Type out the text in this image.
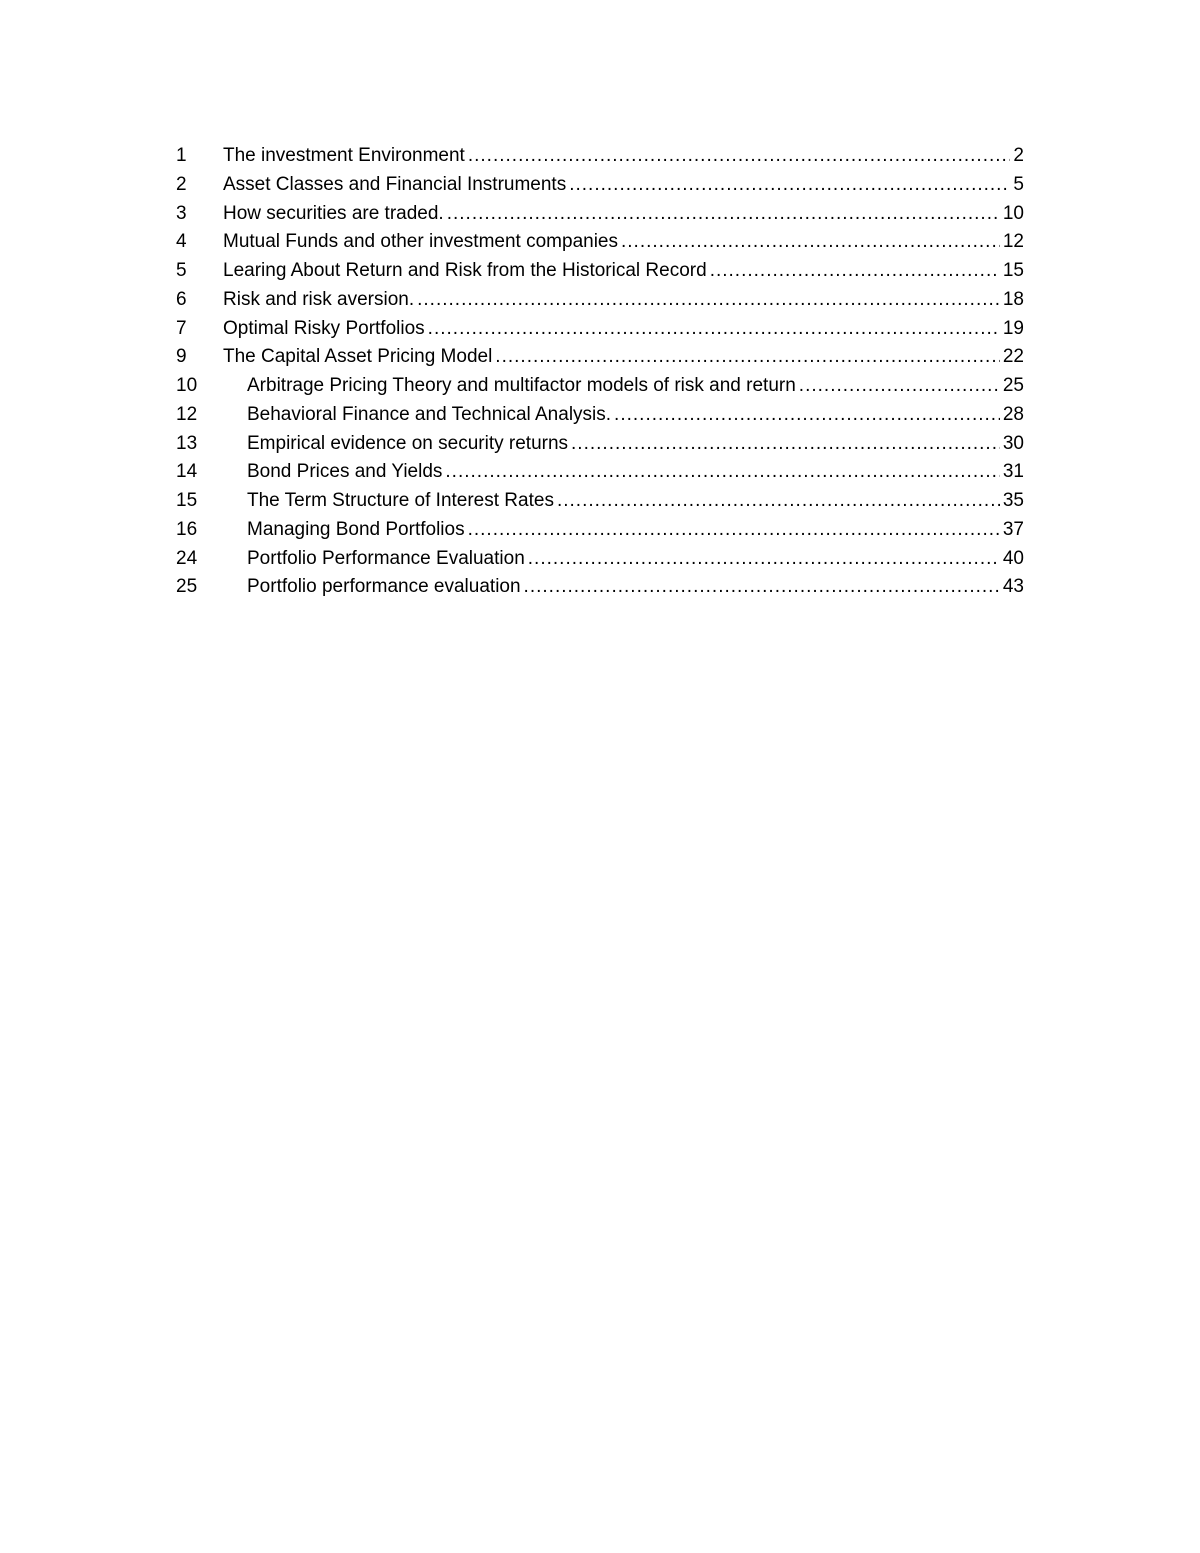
1	The investment Environment .....	2
2	Asset Classes and Financial Instruments .....	5
3	How securities are traded. .....	10
4	Mutual Funds and other investment companies .....	12
5	Learing About Return and Risk from the Historical Record .....	15
6	Risk and risk aversion. .....	18
7	Optimal Risky Portfolios .....	19
9	The Capital Asset Pricing Model .....	22
10	Arbitrage Pricing Theory and multifactor models of risk and return .....	25
12	Behavioral Finance and Technical Analysis. .....	28
13	Empirical evidence on security returns .....	30
14	Bond Prices and Yields .....	31
15	The Term Structure of Interest Rates .....	35
16	Managing Bond Portfolios .....	37
24	Portfolio Performance Evaluation .....	40
25	Portfolio performance evaluation .....	43
